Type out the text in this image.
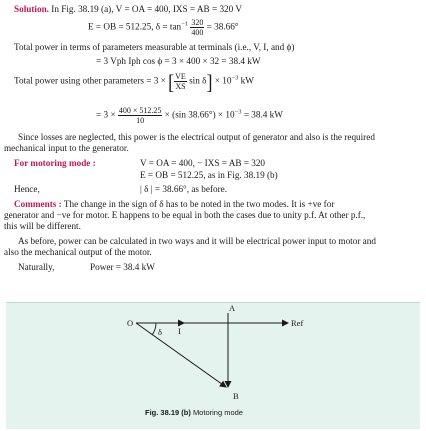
Solution. In Fig. 38.19 (a), V = OA = 400, IXS = AB = 320 V
E = OB = 512.25, $\delta = \tan^{-1} \frac{320}{400} = 38.66^\circ$
Total power in terms of parameters measurable at terminals (i.e., V, I, and ϕ)
= 3 Vph Iph cos ϕ = 3 × 400 × 32 = 38.4 kW
Total power using other parameters = 3 × [ $\frac{VE}{XS}$ $\sin \delta] \times 10^{-3}$ kW
= $3 \times \frac{400 \times 512.25}{10} \times (\sin$ $38.66^\circ) \times 10^{-3} = 38.4$ kW
Since losses are neglected, this power is the electrical output of generator and also is the required
mechanical input to the generator.
For motoring mode :	V = OA = 400, − IXS = AB = 320
E = OB = 512.25, as in Fig. 38.19 (b)
Hence,	| δ | = 38.66°, as before.
Comments : The change in the sign of δ has to be noted in the two modes. It is +ve for
generator and −ve for motor. E happens to be equal in both the cases due to unity p.f. At other p.f.,
this will be different.
As before, power can be calculated in two ways and it will be electrical power input to motor and
also the mechanical output of the motor.
Naturally,	Power = 38.4 kW
O
A
B
I
δ
Ref
Fig. 38.19 (b) Motoring mode
